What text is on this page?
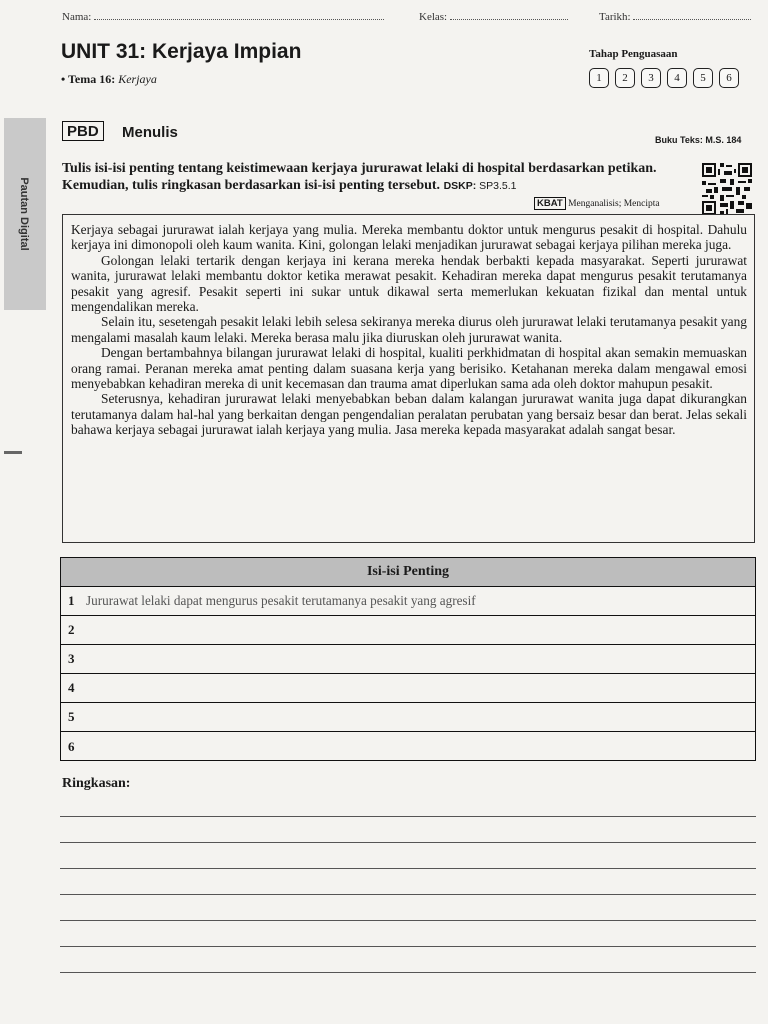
Nama:	Kelas:	Tarikh:
UNIT 31: Kerjaya Impian
• Tema 16: Kerjaya
Tahap Penguasaan
1	2	3	4	5	6
Pautan Digital
PBD	Menulis	Buku Teks: M.S. 184
Tulis isi-isi penting tentang keistimewaan kerjaya jururawat lelaki di hospital berdasarkan petikan. Kemudian, tulis ringkasan berdasarkan isi-isi penting tersebut. DSKP: SP3.5.1
KBAT Menganalisis; Mencipta

Kerjaya sebagai jururawat ialah kerjaya yang mulia. Mereka membantu doktor untuk mengurus pesakit di hospital. Dahulu kerjaya ini dimonopoli oleh kaum wanita. Kini, golongan lelaki menjadikan jururawat sebagai kerjaya pilihan mereka juga.

Golongan lelaki tertarik dengan kerjaya ini kerana mereka hendak berbakti kepada masyarakat. Seperti jururawat wanita, jururawat lelaki membantu doktor ketika merawat pesakit. Kehadiran mereka dapat mengurus pesakit terutamanya pesakit yang agresif. Pesakit seperti ini sukar untuk dikawal serta memerlukan kekuatan fizikal dan mental untuk mengendalikan mereka.

Selain itu, sesetengah pesakit lelaki lebih selesa sekiranya mereka diurus oleh jururawat lelaki terutamanya pesakit yang mengalami masalah kaum lelaki. Mereka berasa malu jika diuruskan oleh jururawat wanita.

Dengan bertambahnya bilangan jururawat lelaki di hospital, kualiti perkhidmatan di hospital akan semakin memuaskan orang ramai. Peranan mereka amat penting dalam suasana kerja yang berisiko. Ketahanan mereka dalam mengawal emosi menyebabkan kehadiran mereka di unit kecemasan dan trauma amat diperlukan sama ada oleh doktor mahupun pesakit.

Seterusnya, kehadiran jururawat lelaki menyebabkan beban dalam kalangan jururawat wanita juga dapat dikurangkan terutamanya dalam hal-hal yang berkaitan dengan pengendalian peralatan perubatan yang bersaiz besar dan berat. Jelas sekali bahawa kerjaya sebagai jururawat ialah kerjaya yang mulia. Jasa mereka kepada masyarakat adalah sangat besar.

Isi-isi Penting
1 Jururawat lelaki dapat mengurus pesakit terutamanya pesakit yang agresif
2
3
4
5
6
Ringkasan:
